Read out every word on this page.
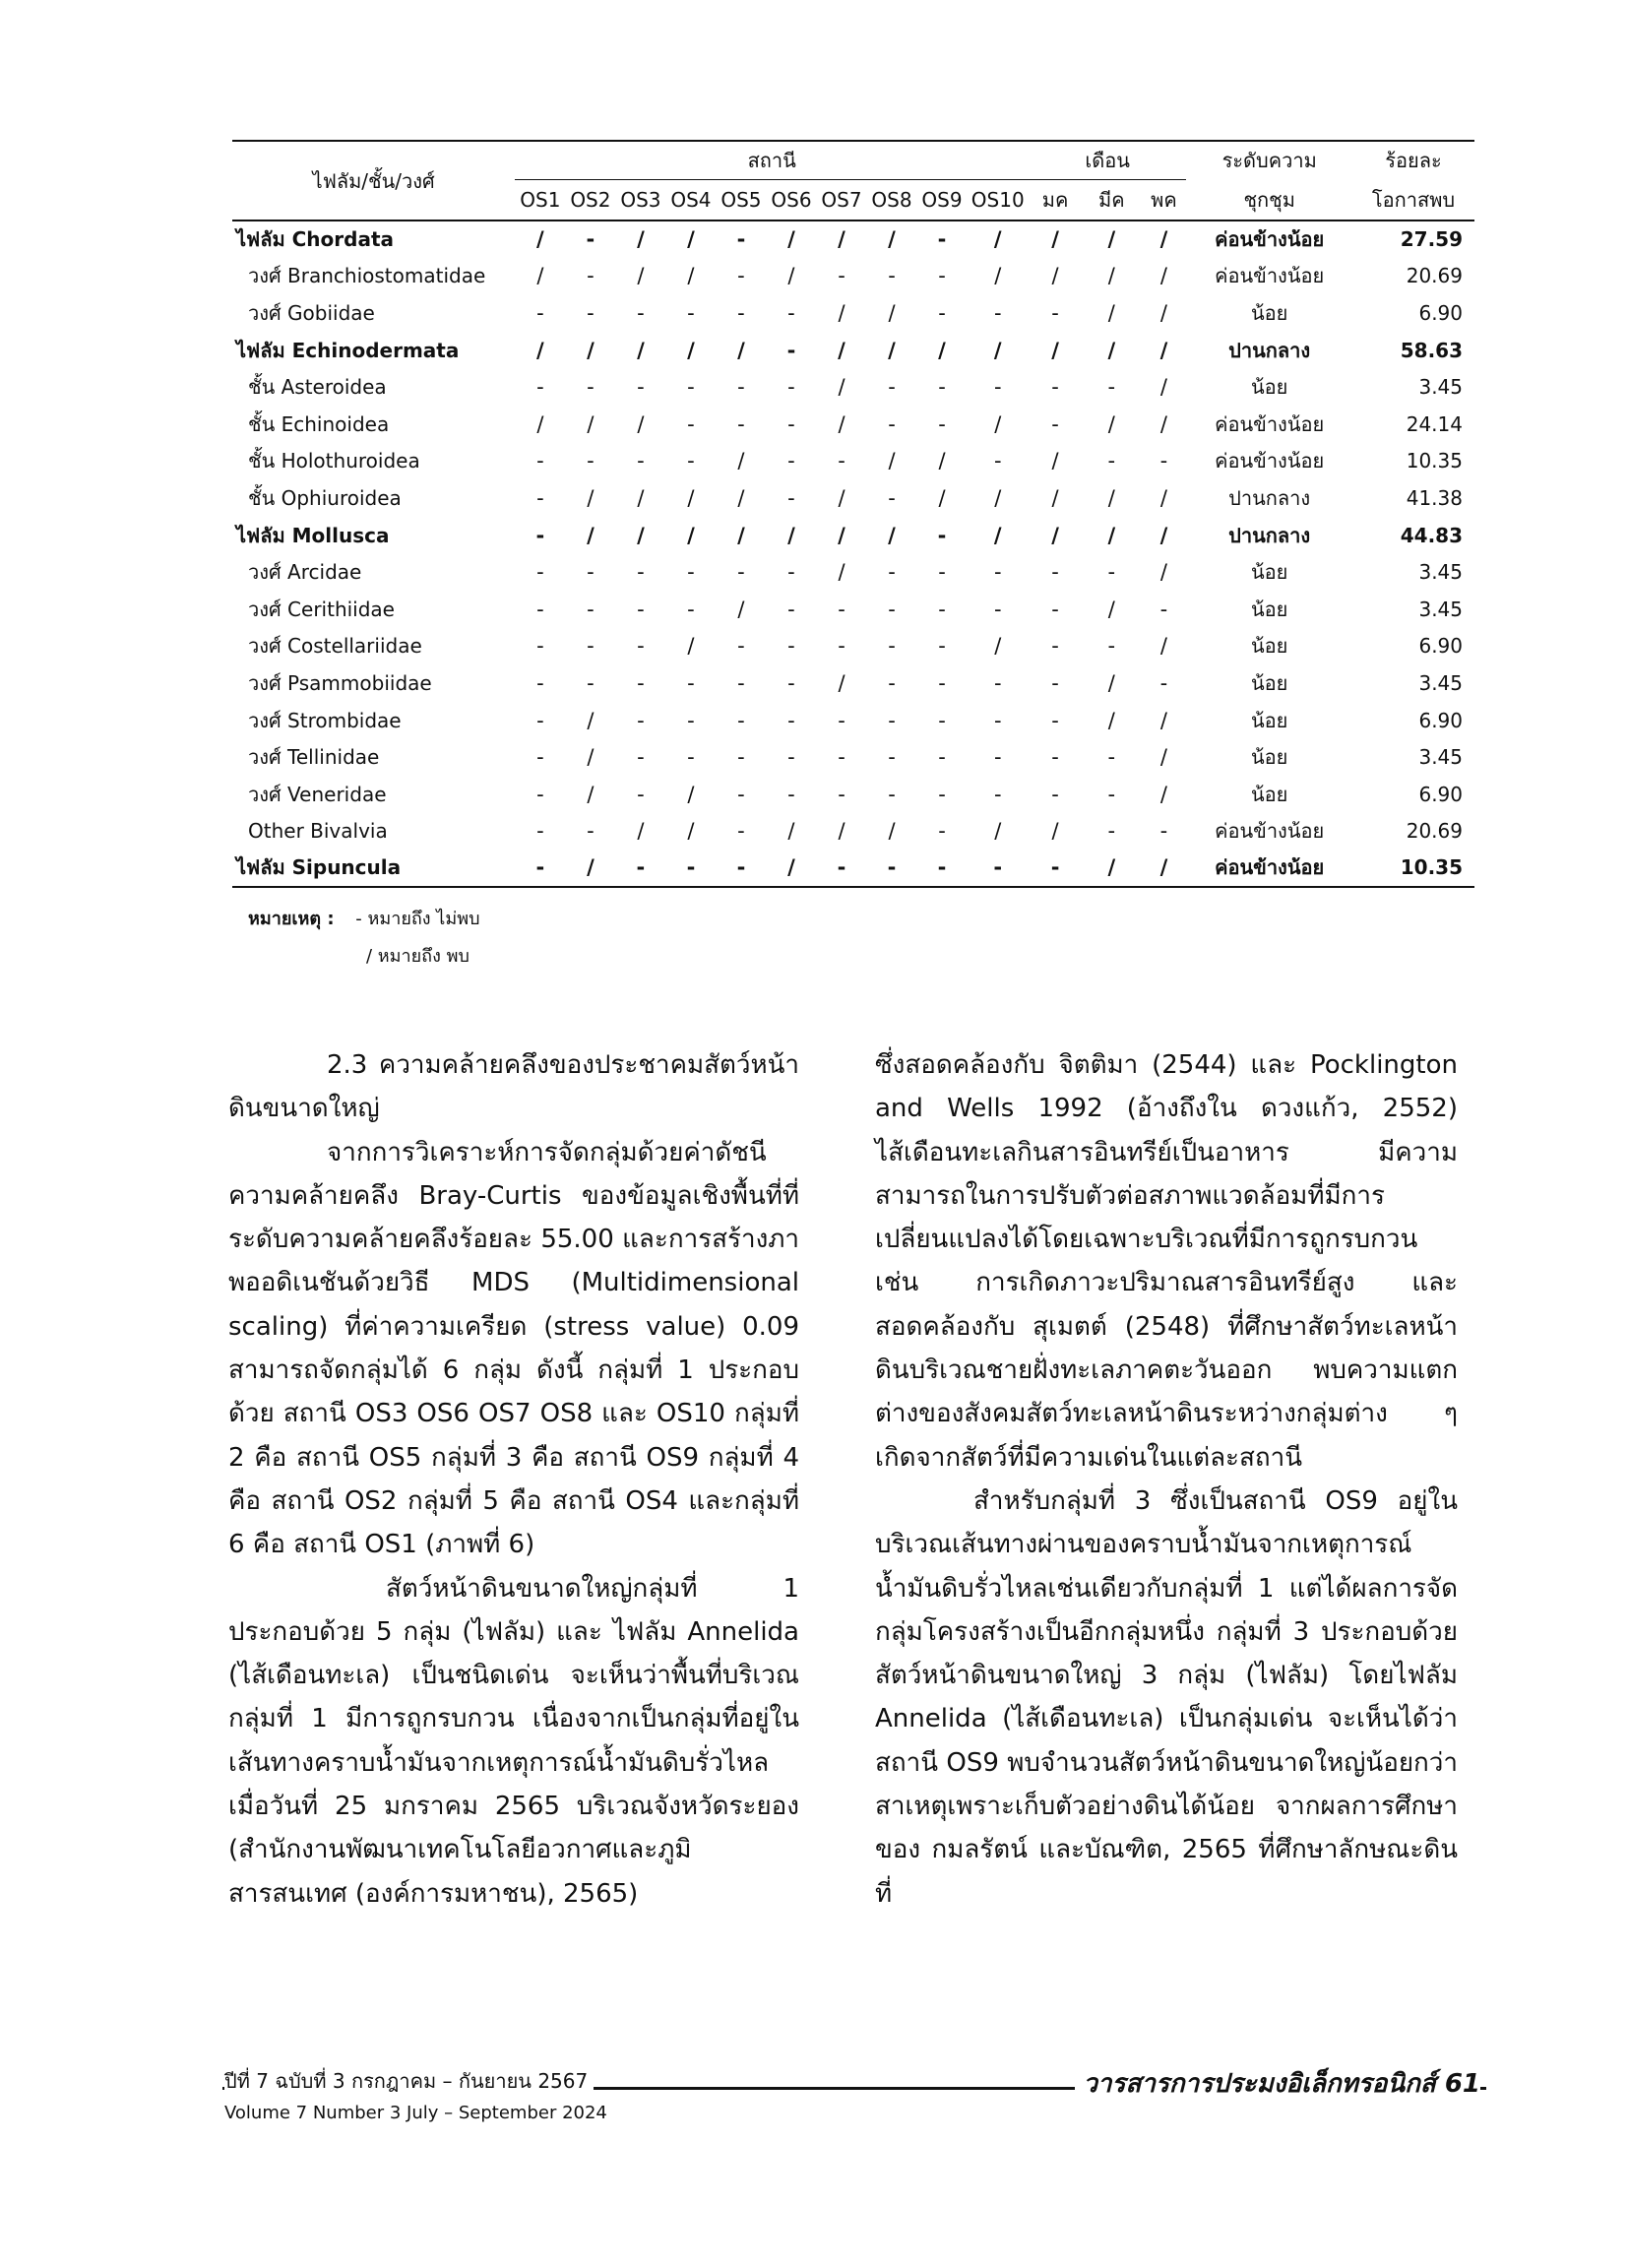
ไฟลัม/ชั้น/วงศ์	สถานี										เดือน			ระดับความ	ร้อยละ
	OS1	OS2	OS3	OS4	OS5	OS6	OS7	OS8	OS9	OS10	มค	มีค	พค	ชุกชุม	โอกาสพบ
ไฟลัม Chordata	/	-	/	/	-	/	/	/	-	/	/	/	/	ค่อนข้างน้อย	27.59
วงศ์ Branchiostomatidae	/	-	/	/	-	/	-	-	-	/	/	/	/	ค่อนข้างน้อย	20.69
วงศ์ Gobiidae	-	-	-	-	-	-	/	/	-	-	-	/	/	น้อย	6.90
ไฟลัม Echinodermata	/	/	/	/	/	-	/	/	/	/	/	/	/	ปานกลาง	58.63
ชั้น Asteroidea	-	-	-	-	-	-	/	-	-	-	-	-	/	น้อย	3.45
ชั้น Echinoidea	/	/	/	-	-	-	/	-	-	/	-	/	/	ค่อนข้างน้อย	24.14
ชั้น Holothuroidea	-	-	-	-	/	-	-	/	/	-	/	-	-	ค่อนข้างน้อย	10.35
ชั้น Ophiuroidea	-	/	/	/	/	-	/	-	/	/	/	/	/	ปานกลาง	41.38
ไฟลัม Mollusca	-	/	/	/	/	/	/	/	-	/	/	/	/	ปานกลาง	44.83
วงศ์ Arcidae	-	-	-	-	-	-	/	-	-	-	-	-	/	น้อย	3.45
วงศ์ Cerithiidae	-	-	-	-	/	-	-	-	-	-	-	/	-	น้อย	3.45
วงศ์ Costellariidae	-	-	-	/	-	-	-	-	-	/	-	-	/	น้อย	6.90
วงศ์ Psammobiidae	-	-	-	-	-	-	/	-	-	-	-	/	-	น้อย	3.45
วงศ์ Strombidae	-	/	-	-	-	-	-	-	-	-	-	/	/	น้อย	6.90
วงศ์ Tellinidae	-	/	-	-	-	-	-	-	-	-	-	-	/	น้อย	3.45
วงศ์ Veneridae	-	/	-	/	-	-	-	-	-	-	-	-	/	น้อย	6.90
Other Bivalvia	-	-	/	/	-	/	/	/	-	/	/	-	-	ค่อนข้างน้อย	20.69
ไฟลัม Sipuncula	-	/	-	-	-	/	-	-	-	-	-	/	/	ค่อนข้างน้อย	10.35
หมายเหตุ : - หมายถึง ไม่พบ
/ หมายถึง พบ

2.3 ความคล้ายคลึงของประชาคมสัตว์หน้าดินขนาดใหญ่

จากการวิเคราะห์การจัดกลุ่มด้วยค่าดัชนีความคล้ายคลึง Bray-Curtis ของข้อมูลเชิงพื้นที่ที่ระดับความคล้ายคลึงร้อยละ 55.00 และการสร้างภาพออดิเนชันด้วยวิธี MDS (Multidimensional scaling) ที่ค่าความเครียด (stress value) 0.09 สามารถจัดกลุ่มได้ 6 กลุ่ม ดังนี้ กลุ่มที่ 1 ประกอบด้วย สถานี OS3 OS6 OS7 OS8 และ OS10 กลุ่มที่ 2 คือ สถานี OS5 กลุ่มที่ 3 คือ สถานี OS9 กลุ่มที่ 4 คือ สถานี OS2 กลุ่มที่ 5 คือ สถานี OS4 และกลุ่มที่ 6 คือ สถานี OS1 (ภาพที่ 6)

สัตว์หน้าดินขนาดใหญ่กลุ่มที่ 1 ประกอบด้วย 5 กลุ่ม (ไฟลัม) และ ไฟลัม Annelida (ไส้เดือนทะเล) เป็นชนิดเด่น จะเห็นว่าพื้นที่บริเวณกลุ่มที่ 1 มีการถูกรบกวน เนื่องจากเป็นกลุ่มที่อยู่ในเส้นทางคราบน้ำมันจากเหตุการณ์น้ำมันดิบรั่วไหล เมื่อวันที่ 25 มกราคม 2565 บริเวณจังหวัดระยอง (สำนักงานพัฒนาเทคโนโลยีอวกาศและภูมิสารสนเทศ (องค์การมหาชน), 2565)

ซึ่งสอดคล้องกับ จิตติมา (2544) และ Pocklington and Wells 1992 (อ้างถึงใน ดวงแก้ว, 2552) ไส้เดือนทะเลกินสารอินทรีย์เป็นอาหาร มีความสามารถในการปรับตัวต่อสภาพแวดล้อมที่มีการเปลี่ยนแปลงได้โดยเฉพาะบริเวณที่มีการถูกรบกวน เช่น การเกิดภาวะปริมาณสารอินทรีย์สูง และสอดคล้องกับ สุเมตต์ (2548) ที่ศึกษาสัตว์ทะเลหน้าดินบริเวณชายฝั่งทะเลภาคตะวันออก พบความแตกต่างของสังคมสัตว์ทะเลหน้าดินระหว่างกลุ่มต่าง ๆ เกิดจากสัตว์ที่มีความเด่นในแต่ละสถานี

สำหรับกลุ่มที่ 3 ซึ่งเป็นสถานี OS9 อยู่ในบริเวณเส้นทางผ่านของคราบน้ำมันจากเหตุการณ์น้ำมันดิบรั่วไหลเช่นเดียวกับกลุ่มที่ 1 แต่ได้ผลการจัดกลุ่มโครงสร้างเป็นอีกกลุ่มหนึ่ง กลุ่มที่ 3 ประกอบด้วยสัตว์หน้าดินขนาดใหญ่ 3 กลุ่ม (ไฟลัม) โดยไฟลัม Annelida (ไส้เดือนทะเล) เป็นกลุ่มเด่น จะเห็นได้ว่า สถานี OS9 พบจำนวนสัตว์หน้าดินขนาดใหญ่น้อยกว่า สาเหตุเพราะเก็บตัวอย่างดินได้น้อย จากผลการศึกษาของ กมลรัตน์ และบัณฑิต, 2565 ที่ศึกษาลักษณะดินที่

ปีที่ 7 ฉบับที่ 3 กรกฎาคม – กันยายน 2567
Volume 7 Number 3 July – September 2024
วารสารการประมงอิเล็กทรอนิกส์ 61
